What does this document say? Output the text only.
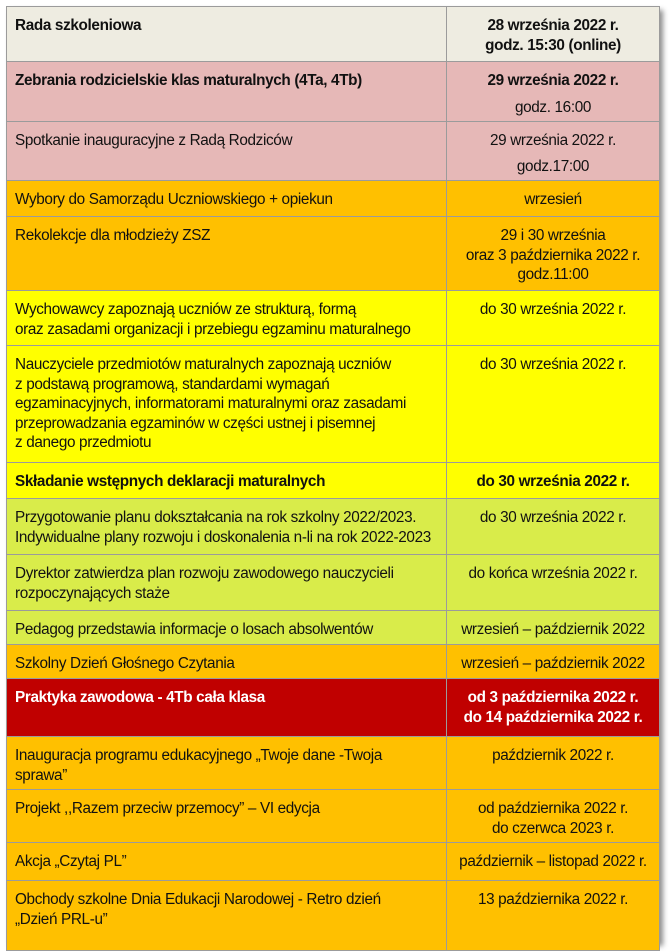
Rada szkoleniowa	28 września 2022 r.
godz. 15:30 (online)

Zebrania rodzicielskie klas maturalnych (4Ta, 4Tb)	29 września 2022 r.
godz. 16:00

Spotkanie inauguracyjne z Radą Rodziców	29 września 2022 r.
godz.17:00

Wybory do Samorządu Uczniowskiego + opiekun	wrzesień

Rekolekcje dla młodzieży ZSZ	29 i 30 września
oraz 3 października 2022 r.
godz.11:00

Wychowawcy zapoznają uczniów ze strukturą, formą
oraz zasadami organizacji i przebiegu egzaminu maturalnego	do 30 września 2022 r.

Nauczyciele przedmiotów maturalnych zapoznają uczniów
z podstawą programową, standardami wymagań
egzaminacyjnych, informatorami maturalnymi oraz zasadami
przeprowadzania egzaminów w części ustnej i pisemnej
z danego przedmiotu	do 30 września 2022 r.

Składanie wstępnych deklaracji maturalnych	do 30 września 2022 r.

Przygotowanie planu dokształcania na rok szkolny 2022/2023.
Indywidualne plany rozwoju i doskonalenia n-li na rok 2022-2023	do 30 września 2022 r.

Dyrektor zatwierdza plan rozwoju zawodowego nauczycieli
rozpoczynających staże	do końca września 2022 r.

Pedagog przedstawia informacje o losach absolwentów	wrzesień – październik 2022

Szkolny Dzień Głośnego Czytania	wrzesień – październik 2022

Praktyka zawodowa - 4Tb cała klasa	od 3 października 2022 r.
do 14 października 2022 r.

Inauguracja programu edukacyjnego „Twoje dane -Twoja
sprawa”	październik 2022 r.

Projekt ,,Razem przeciw przemocy” – VI edycja	od października 2022 r.
do czerwca 2023 r.

Akcja „Czytaj PL”	październik – listopad 2022 r.

Obchody szkolne Dnia Edukacji Narodowej - Retro dzień
„Dzień PRL-u”	13 października 2022 r.
